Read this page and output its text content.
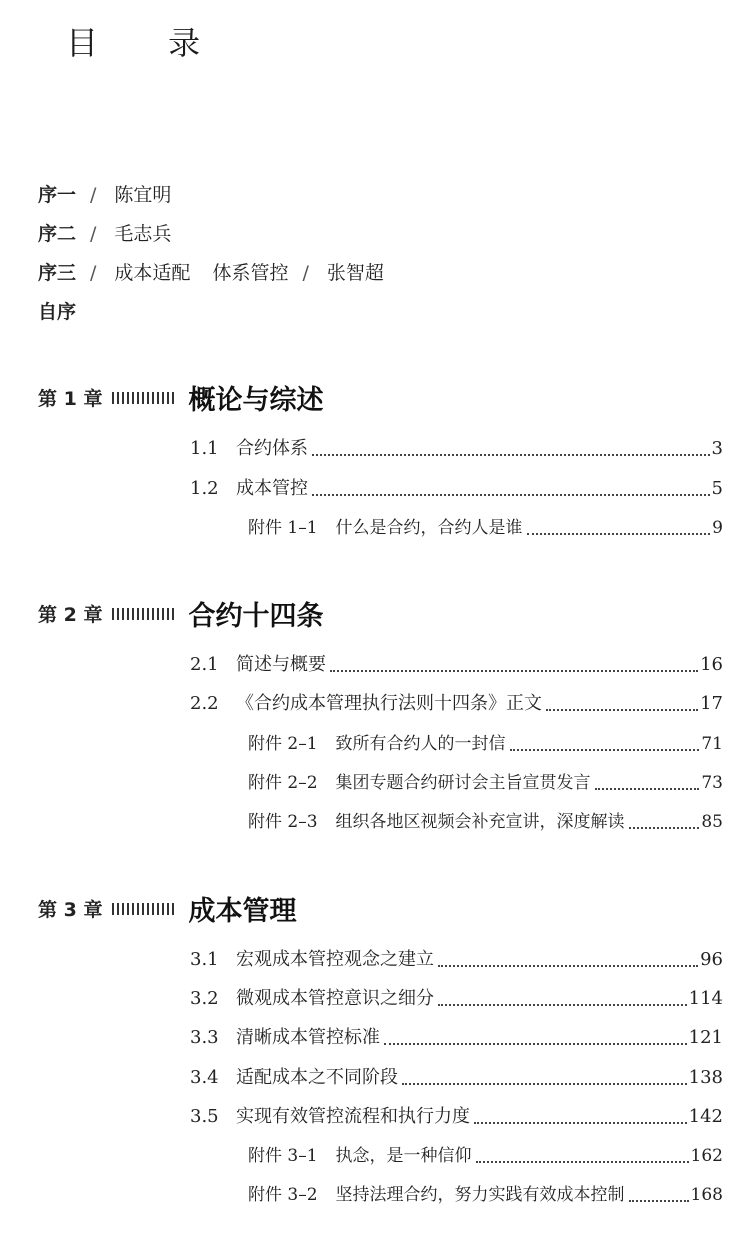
目 录
序一 / 陈宜明
序二 / 毛志兵
序三 / 成本适配 体系管控 / 张智超
自序
第 1 章	概论与综述
1.1 合约体系	3
1.2 成本管控	5
附件 1–1 什么是合约，合约人是谁	9
第 2 章	合约十四条
2.1 简述与概要	16
2.2 《合约成本管理执行法则十四条》正文	17
附件 2–1 致所有合约人的一封信	71
附件 2–2 集团专题合约研讨会主旨宣贯发言	73
附件 2–3 组织各地区视频会补充宣讲，深度解读	85
第 3 章	成本管理
3.1 宏观成本管控观念之建立	96
3.2 微观成本管控意识之细分	114
3.3 清晰成本管控标准	121
3.4 适配成本之不同阶段	138
3.5 实现有效管控流程和执行力度	142
附件 3–1 执念，是一种信仰	162
附件 3–2 坚持法理合约，努力实践有效成本控制	168
